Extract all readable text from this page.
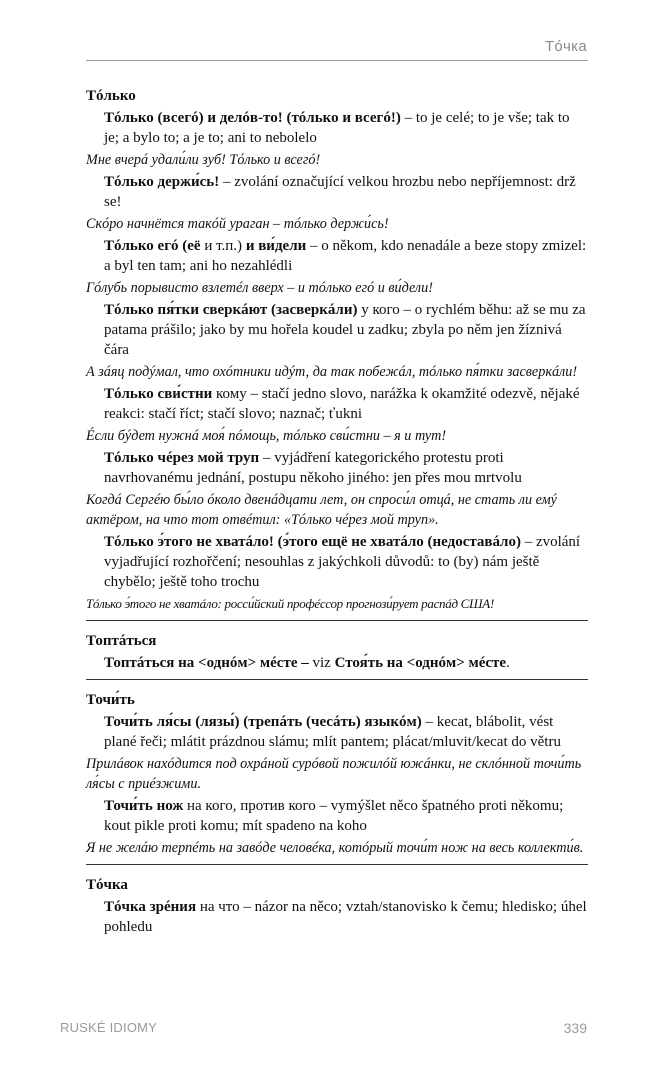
Тóчка
Тóлько
Тóлько (всегó) и делóв-то! (тóлько и всегó!) – to je celé; to je vše; tak to je; a bylo to; a je to; ani to nebolelo
Мне вчерá удали́ли зуб! Тóлько и всегó!
Тóлько держи́сь! – zvolání označující velkou hrozbu nebo nepříjemnost: drž se!
Скóро начнётся такóй ураган – тóлько держи́сь!
Тóлько егó (её и т.п.) и ви́дели – o někom, kdo nenadále a beze stopy zmizel: a byl ten tam; ani ho nezahlédli
Гóлубь порывисто взлетéл вверх – и тóлько егó и ви́дели!
Тóлько пя́тки сверкáют (засверкáли) у кого – o rychlém běhu: až se mu za patama prášilo; jako by mu hořela koudel u zadku; zbyla po něm jen žíznivá čára
А зáяц подýмал, что охóтники идýт, да так побежáл, тóлько пя́тки засверкáли!
Тóлько сви́стни кому – stačí jedno slovo, narážka k okamžité odezvě, nějaké reakci: stačí říct; stačí slovo; naznač; ťukni
Éсли бýдет нужнá моя́ пóмощь, тóлько сви́стни – я и тут!
Тóлько чéрез мой труп – vyjádření kategorického protestu proti navrhovanému jednání, postupu někoho jiného: jen přes mou mrtvolu
Когдá Сергéю бы́ло óколо двенáдцати лет, он спроси́л отцá, не стать ли емý актёром, на что тот отвéтил: «Тóлько чéрез мой труп».
Тóлько э́того не хватáло! (э́того ещё не хватáло (недоставáло) – zvolání vyjadřující rozhořčení; nesouhlas z jakýchkoli důvodů: to (by) nám ještě chybělo; ještě toho trochu
Тóлько э́того не хватáло: росси́йский профéссор прогнози́рует распáд США!
Топтáться
Топтáться на <однóм> мéсте – viz Стоя́ть на <однóм> мéсте.
Точи́ть
Точи́ть ля́сы (лязы́) (трепáть (чесáть) языкóм) – kecat, blábolit, vést plané řeči; mlátit prázdnou slámu; mlít pantem; plácat/mluvit/kecat do větru
Прилáвок нахóдится под охрáной сурóвой пожилóй южáнки, не склóнной точи́ть ля́сы с приéзжими.
Точи́ть нож на кого, против кого – vymýšlet něco špatného proti někomu; kout pikle proti komu; mít spadeno na koho
Я не желáю терпéть на завóде человéка, котóрый точи́т нож на весь коллекти́в.
Тóчка
Тóчка зрéния на что – názor na něco; vztah/stanovisko k čemu; hledisko; úhel pohledu
RUSKÉ IDIOMY	339
